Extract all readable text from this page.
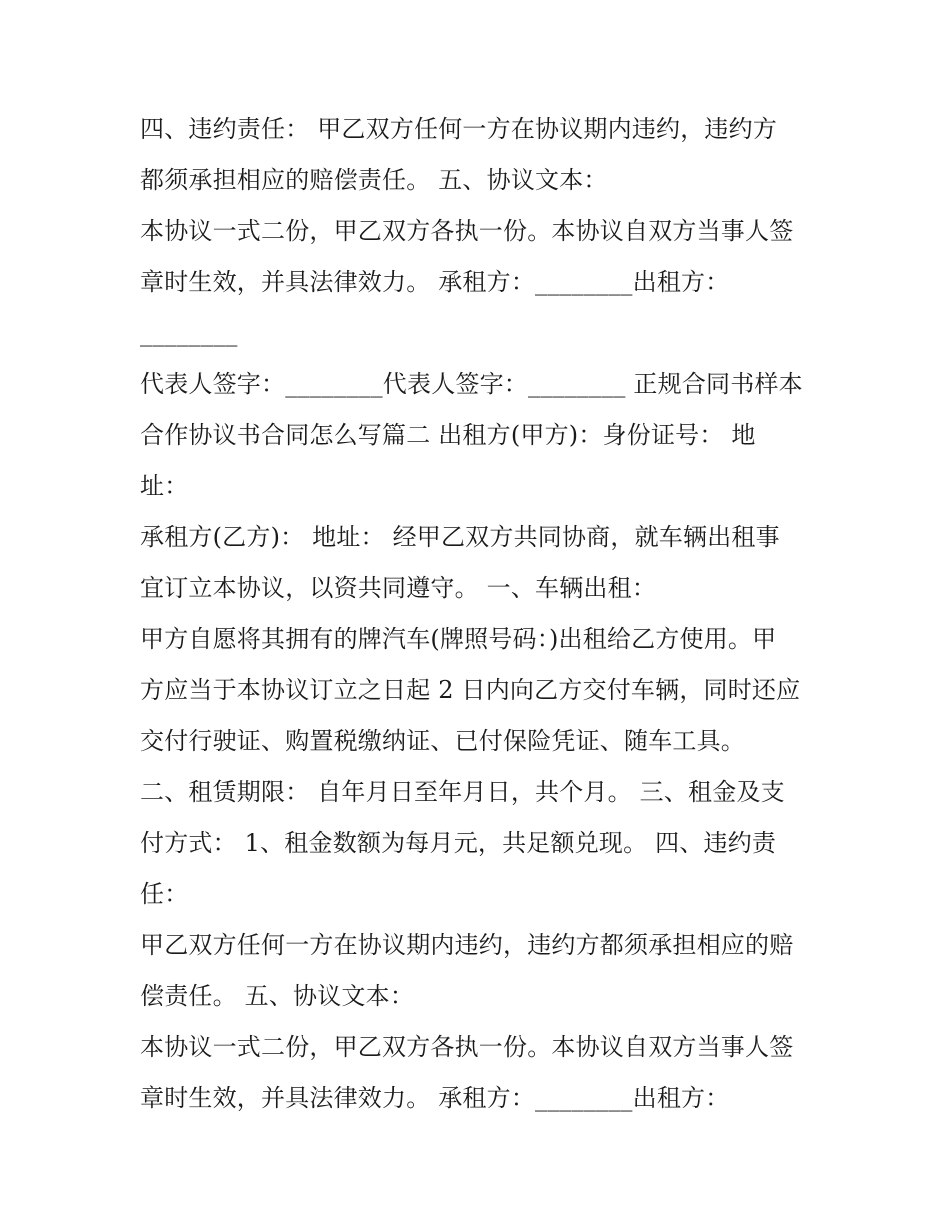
四、违约责任： 甲乙双方任何一方在协议期内违约，违约方
都须承担相应的赔偿责任。 五、协议文本：
本协议一式二份，甲乙双方各执一份。本协议自双方当事人签
章时生效，并具法律效力。 承租方：________出租方：
________
代表人签字：________代表人签字：________ 正规合同书样本
合作协议书合同怎么写篇二 出租方(甲方)：身份证号： 地
址：
承租方(乙方)： 地址： 经甲乙双方共同协商，就车辆出租事
宜订立本协议，以资共同遵守。 一、车辆出租：
甲方自愿将其拥有的牌汽车(牌照号码：)出租给乙方使用。甲
方应当于本协议订立之日起 2 日内向乙方交付车辆，同时还应
交付行驶证、购置税缴纳证、已付保险凭证、随车工具。
二、租赁期限： 自年月日至年月日，共个月。 三、租金及支
付方式： 1、租金数额为每月元，共足额兑现。 四、违约责
任：
甲乙双方任何一方在协议期内违约，违约方都须承担相应的赔
偿责任。 五、协议文本：
本协议一式二份，甲乙双方各执一份。本协议自双方当事人签
章时生效，并具法律效力。 承租方：________出租方：
